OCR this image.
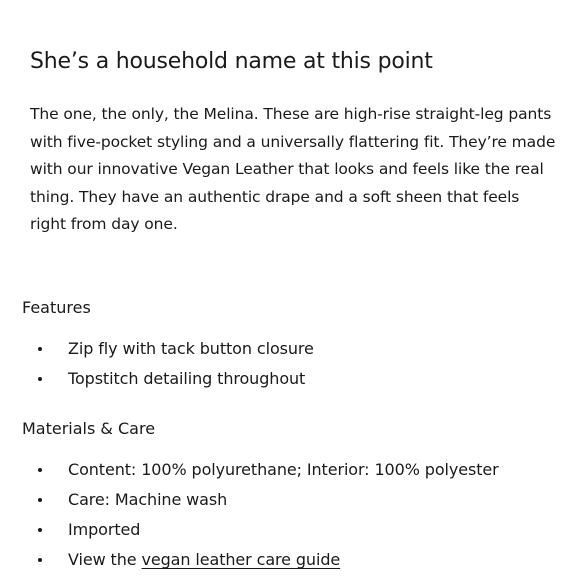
She’s a household name at this point

The one, the only, the Melina. These are high-rise straight-leg pants with five-pocket styling and a universally flattering fit. They’re made with our innovative Vegan Leather that looks and feels like the real thing. They have an authentic drape and a soft sheen that feels right from day one.

Features
Zip fly with tack button closure
Topstitch detailing throughout
Materials & Care
Content: 100% polyurethane; Interior: 100% polyester
Care: Machine wash
Imported
View the vegan leather care guide
